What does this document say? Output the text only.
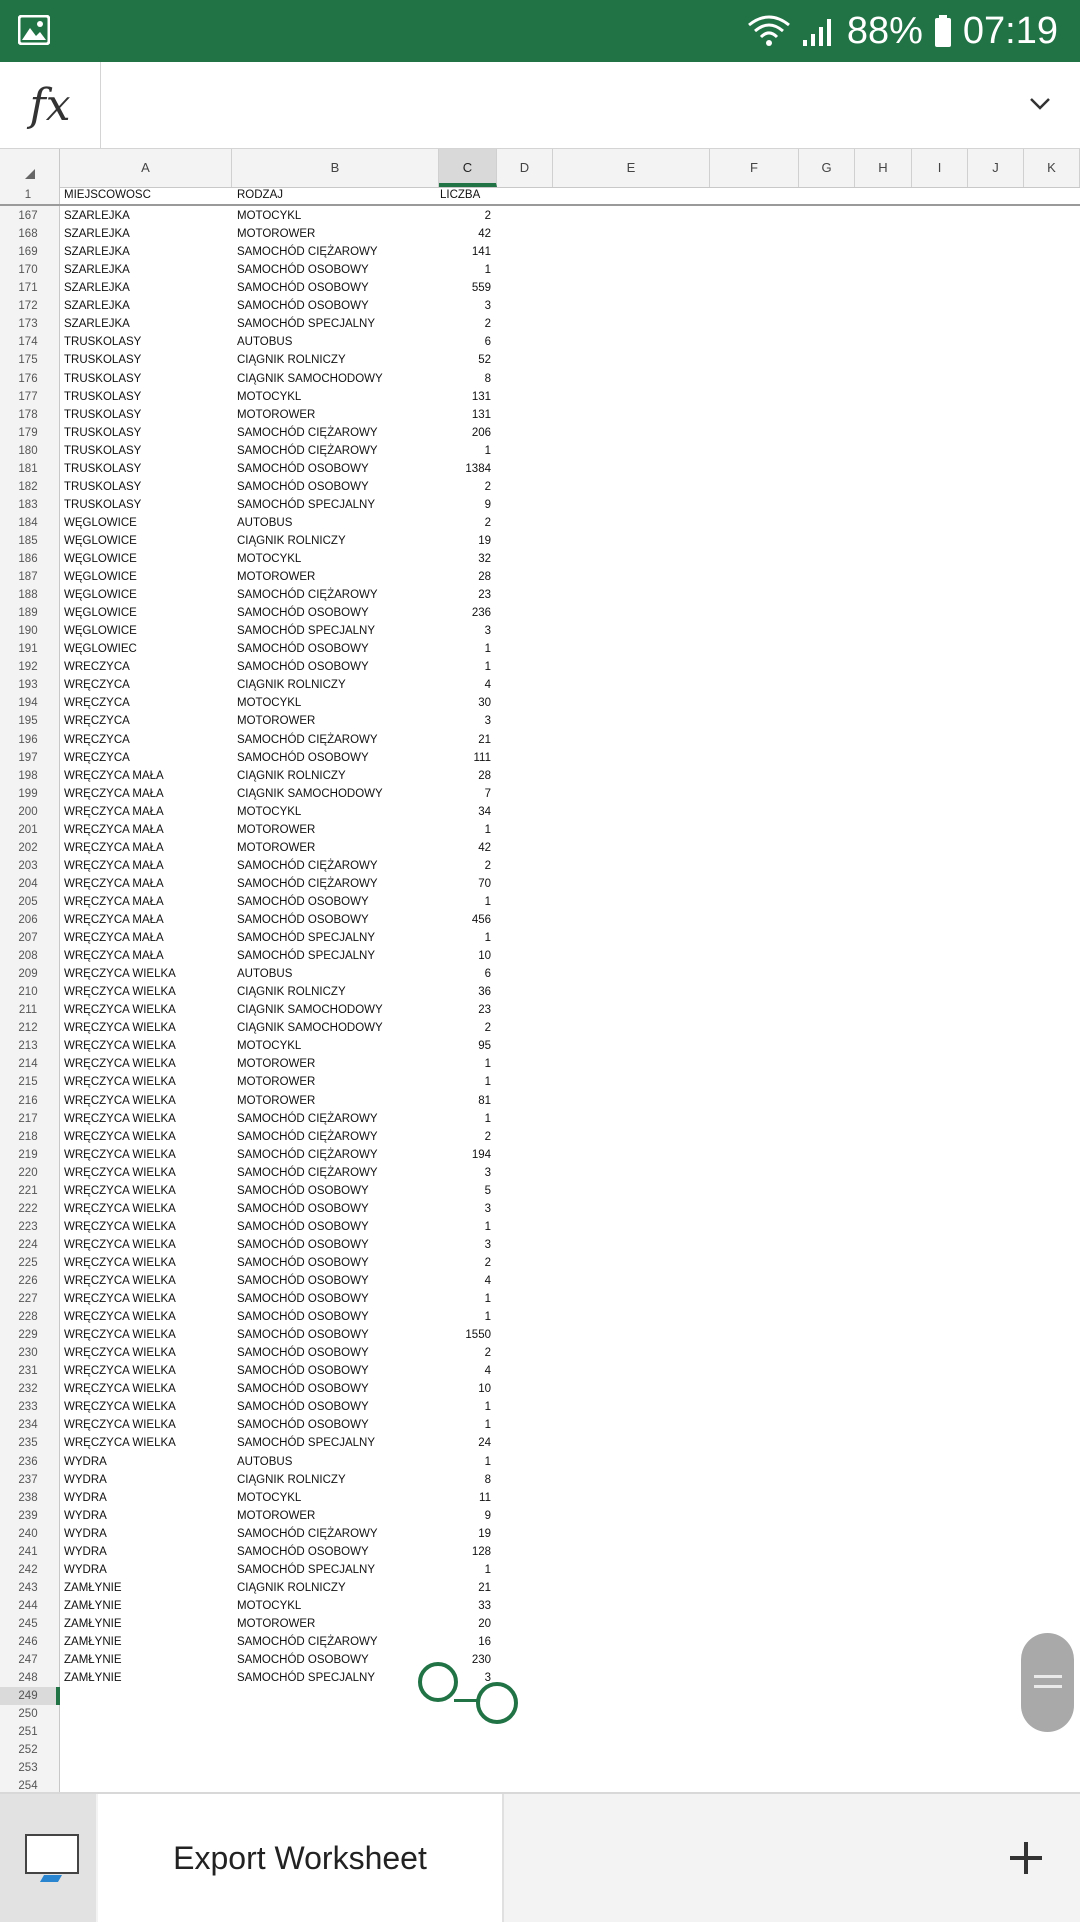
88% 07:19
fx
A	B	C	D	E	F	G	H	I	J	K
1	MIEJSCOWOSC	RODZAJ	LICZBA
167	SZARLEJKA	MOTOCYKL	2
168	SZARLEJKA	MOTOROWER	42
169	SZARLEJKA	SAMOCHÓD CIĘŻAROWY	141
170	SZARLEJKA	SAMOCHÓD OSOBOWY	1
171	SZARLEJKA	SAMOCHÓD OSOBOWY	559
172	SZARLEJKA	SAMOCHÓD OSOBOWY	3
173	SZARLEJKA	SAMOCHÓD SPECJALNY	2
174	TRUSKOLASY	AUTOBUS	6
175	TRUSKOLASY	CIĄGNIK ROLNICZY	52
176	TRUSKOLASY	CIĄGNIK SAMOCHODOWY	8
177	TRUSKOLASY	MOTOCYKL	131
178	TRUSKOLASY	MOTOROWER	131
179	TRUSKOLASY	SAMOCHÓD CIĘŻAROWY	206
180	TRUSKOLASY	SAMOCHÓD CIĘŻAROWY	1
181	TRUSKOLASY	SAMOCHÓD OSOBOWY	1384
182	TRUSKOLASY	SAMOCHÓD OSOBOWY	2
183	TRUSKOLASY	SAMOCHÓD SPECJALNY	9
184	WĘGLOWICE	AUTOBUS	2
185	WĘGLOWICE	CIĄGNIK ROLNICZY	19
186	WĘGLOWICE	MOTOCYKL	32
187	WĘGLOWICE	MOTOROWER	28
188	WĘGLOWICE	SAMOCHÓD CIĘŻAROWY	23
189	WĘGLOWICE	SAMOCHÓD OSOBOWY	236
190	WĘGLOWICE	SAMOCHÓD SPECJALNY	3
191	WĘGLOWIEC	SAMOCHÓD OSOBOWY	1
192	WRECZYCA	SAMOCHÓD OSOBOWY	1
193	WRĘCZYCA	CIĄGNIK ROLNICZY	4
194	WRĘCZYCA	MOTOCYKL	30
195	WRĘCZYCA	MOTOROWER	3
196	WRĘCZYCA	SAMOCHÓD CIĘŻAROWY	21
197	WRĘCZYCA	SAMOCHÓD OSOBOWY	111
198	WRĘCZYCA MAŁA	CIĄGNIK ROLNICZY	28
199	WRĘCZYCA MAŁA	CIĄGNIK SAMOCHODOWY	7
200	WRĘCZYCA MAŁA	MOTOCYKL	34
201	WRĘCZYCA MAŁA	MOTOROWER	1
202	WRĘCZYCA MAŁA	MOTOROWER	42
203	WRĘCZYCA MAŁA	SAMOCHÓD CIĘŻAROWY	2
204	WRĘCZYCA MAŁA	SAMOCHÓD CIĘŻAROWY	70
205	WRĘCZYCA MAŁA	SAMOCHÓD OSOBOWY	1
206	WRĘCZYCA MAŁA	SAMOCHÓD OSOBOWY	456
207	WRĘCZYCA MAŁA	SAMOCHÓD SPECJALNY	1
208	WRĘCZYCA MAŁA	SAMOCHÓD SPECJALNY	10
209	WRĘCZYCA WIELKA	AUTOBUS	6
210	WRĘCZYCA WIELKA	CIĄGNIK ROLNICZY	36
211	WRĘCZYCA WIELKA	CIĄGNIK SAMOCHODOWY	23
212	WRĘCZYCA WIELKA	CIĄGNIK SAMOCHODOWY	2
213	WRĘCZYCA WIELKA	MOTOCYKL	95
214	WRĘCZYCA WIELKA	MOTOROWER	1
215	WRĘCZYCA WIELKA	MOTOROWER	1
216	WRĘCZYCA WIELKA	MOTOROWER	81
217	WRĘCZYCA WIELKA	SAMOCHÓD CIĘŻAROWY	1
218	WRĘCZYCA WIELKA	SAMOCHÓD CIĘŻAROWY	2
219	WRĘCZYCA WIELKA	SAMOCHÓD CIĘŻAROWY	194
220	WRĘCZYCA WIELKA	SAMOCHÓD CIĘŻAROWY	3
221	WRĘCZYCA WIELKA	SAMOCHÓD OSOBOWY	5
222	WRĘCZYCA WIELKA	SAMOCHÓD OSOBOWY	3
223	WRĘCZYCA WIELKA	SAMOCHÓD OSOBOWY	1
224	WRĘCZYCA WIELKA	SAMOCHÓD OSOBOWY	3
225	WRĘCZYCA WIELKA	SAMOCHÓD OSOBOWY	2
226	WRĘCZYCA WIELKA	SAMOCHÓD OSOBOWY	4
227	WRĘCZYCA WIELKA	SAMOCHÓD OSOBOWY	1
228	WRĘCZYCA WIELKA	SAMOCHÓD OSOBOWY	1
229	WRĘCZYCA WIELKA	SAMOCHÓD OSOBOWY	1550
230	WRĘCZYCA WIELKA	SAMOCHÓD OSOBOWY	2
231	WRĘCZYCA WIELKA	SAMOCHÓD OSOBOWY	4
232	WRĘCZYCA WIELKA	SAMOCHÓD OSOBOWY	10
233	WRĘCZYCA WIELKA	SAMOCHÓD OSOBOWY	1
234	WRĘCZYCA WIELKA	SAMOCHÓD OSOBOWY	1
235	WRĘCZYCA WIELKA	SAMOCHÓD SPECJALNY	24
236	WYDRA	AUTOBUS	1
237	WYDRA	CIĄGNIK ROLNICZY	8
238	WYDRA	MOTOCYKL	11
239	WYDRA	MOTOROWER	9
240	WYDRA	SAMOCHÓD CIĘŻAROWY	19
241	WYDRA	SAMOCHÓD OSOBOWY	128
242	WYDRA	SAMOCHÓD SPECJALNY	1
243	ZAMŁYNIE	CIĄGNIK ROLNICZY	21
244	ZAMŁYNIE	MOTOCYKL	33
245	ZAMŁYNIE	MOTOROWER	20
246	ZAMŁYNIE	SAMOCHÓD CIĘŻAROWY	16
247	ZAMŁYNIE	SAMOCHÓD OSOBOWY	230
248	ZAMŁYNIE	SAMOCHÓD SPECJALNY	3
249
250
251
252
253
254
Export Worksheet
